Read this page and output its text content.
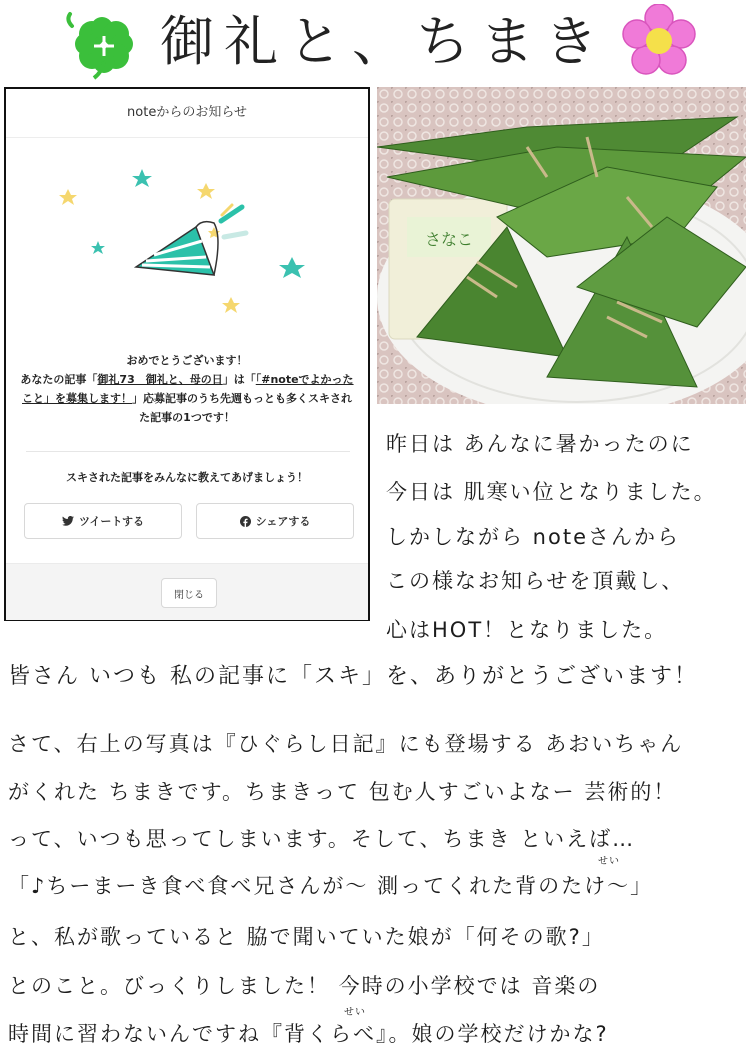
御礼と、ちまき
noteからのお知らせ
おめでとうございます！
あなたの記事「御礼73　御礼と、母の日」は「「#noteでよかったこと」を募集します！」応募記事のうち先週もっとも多くスキされた記事の1つです！
スキされた記事をみんなに教えてあげましょう！
ツイートする	シェアする
閉じる
さなこ
昨日は あんなに暑かったのに
今日は 肌寒い位となりました。
しかしながら noteさんから
この様なお知らせを頂戴し、
心はHOT！となりました。
皆さん いつも 私の記事に「スキ」を、ありがとうございます！
さて、右上の写真は『ひぐらし日記』にも登場する あおいちゃん
がくれた ちまきです。ちまきって 包む人すごいよなー 芸術的！
って、いつも思ってしまいます。そして、ちまき といえば…
せい
「♪ちーまーき食べ食べ兄さんが～ 測ってくれた背のたけ～」
と、私が歌っていると 脇で聞いていた娘が「何その歌?」
とのこと。びっくりしました！ 今時の小学校では 音楽の
せい
時間に習わないんですね『背くらべ』。娘の学校だけかな?
